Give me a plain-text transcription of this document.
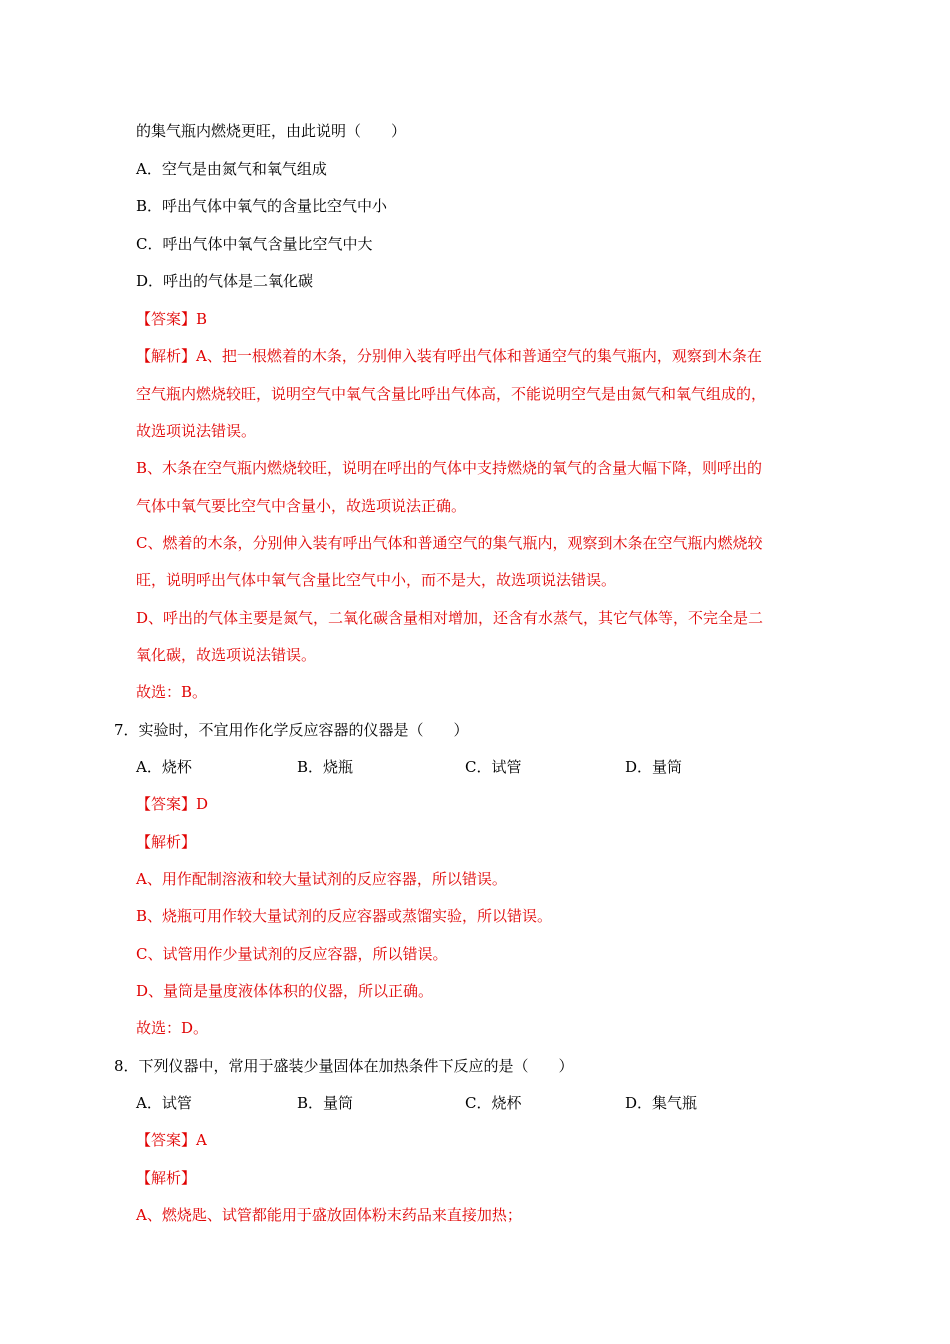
的集气瓶内燃烧更旺，由此说明（　　）
A．空气是由氮气和氧气组成
B．呼出气体中氧气的含量比空气中小
C．呼出气体中氧气含量比空气中大
D．呼出的气体是二氧化碳
【答案】B
【解析】A、把一根燃着的木条，分别伸入装有呼出气体和普通空气的集气瓶内，观察到木条在
空气瓶内燃烧较旺，说明空气中氧气含量比呼出气体高，不能说明空气是由氮气和氧气组成的，
故选项说法错误。
B、木条在空气瓶内燃烧较旺，说明在呼出的气体中支持燃烧的氧气的含量大幅下降，则呼出的
气体中氧气要比空气中含量小，故选项说法正确。
C、燃着的木条，分别伸入装有呼出气体和普通空气的集气瓶内，观察到木条在空气瓶内燃烧较
旺，说明呼出气体中氧气含量比空气中小，而不是大，故选项说法错误。
D、呼出的气体主要是氮气，二氧化碳含量相对增加，还含有水蒸气，其它气体等，不完全是二
氧化碳，故选项说法错误。
故选：B。
7．实验时，不宜用作化学反应容器的仪器是（　　）
A．烧杯	B．烧瓶	C．试管	D．量筒
【答案】D
【解析】
A、用作配制溶液和较大量试剂的反应容器，所以错误。
B、烧瓶可用作较大量试剂的反应容器或蒸馏实验，所以错误。
C、试管用作少量试剂的反应容器，所以错误。
D、量筒是量度液体体积的仪器，所以正确。
故选：D。
8．下列仪器中，常用于盛装少量固体在加热条件下反应的是（　　）
A．试管	B．量筒	C．烧杯	D．集气瓶
【答案】A
【解析】
A、燃烧匙、试管都能用于盛放固体粉末药品来直接加热；
